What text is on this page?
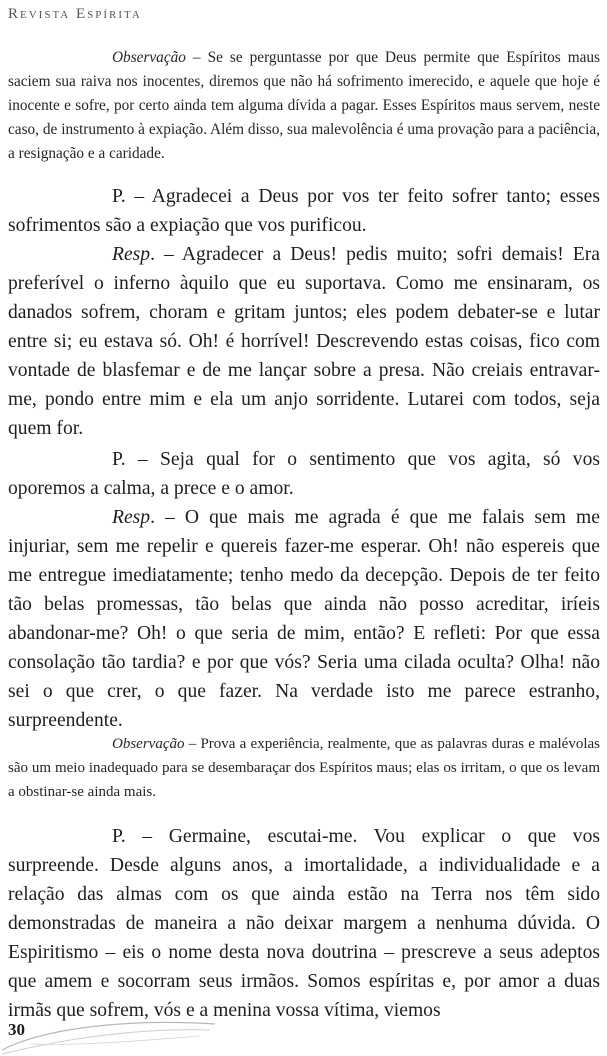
Revista Espírita

Observação – Se se perguntasse por que Deus permite que Espíritos maus saciem sua raiva nos inocentes, diremos que não há sofrimento imerecido, e aquele que hoje é inocente e sofre, por certo ainda tem alguma dívida a pagar. Esses Espíritos maus servem, neste caso, de instrumento à expiação. Além disso, sua malevolência é uma provação para a paciência, a resignação e a caridade.

P. – Agradecei a Deus por vos ter feito sofrer tanto; esses sofrimentos são a expiação que vos purificou.

Resp. – Agradecer a Deus! pedis muito; sofri demais! Era preferível o inferno àquilo que eu suportava. Como me ensinaram, os danados sofrem, choram e gritam juntos; eles podem debater-se e lutar entre si; eu estava só. Oh! é horrível! Descrevendo estas coisas, fico com vontade de blasfemar e de me lançar sobre a presa. Não creiais entravar-me, pondo entre mim e ela um anjo sorridente. Lutarei com todos, seja quem for.

P. – Seja qual for o sentimento que vos agita, só vos oporemos a calma, a prece e o amor.

Resp. – O que mais me agrada é que me falais sem me injuriar, sem me repelir e quereis fazer-me esperar. Oh! não espereis que me entregue imediatamente; tenho medo da decepção. Depois de ter feito tão belas promessas, tão belas que ainda não posso acreditar, iríeis abandonar-me? Oh! o que seria de mim, então? E refleti: Por que essa consolação tão tardia? e por que vós? Seria uma cilada oculta? Olha! não sei o que crer, o que fazer. Na verdade isto me parece estranho, surpreendente.

Observação – Prova a experiência, realmente, que as palavras duras e malévolas são um meio inadequado para se desembaraçar dos Espíritos maus; elas os irritam, o que os levam a obstinar-se ainda mais.

P. – Germaine, escutai-me. Vou explicar o que vos surpreende. Desde alguns anos, a imortalidade, a individualidade e a relação das almas com os que ainda estão na Terra nos têm sido demonstradas de maneira a não deixar margem a nenhuma dúvida. O Espiritismo – eis o nome desta nova doutrina – prescreve a seus adeptos que amem e socorram seus irmãos. Somos espíritas e, por amor a duas irmãs que sofrem, vós e a menina vossa vítima, viemos

30
